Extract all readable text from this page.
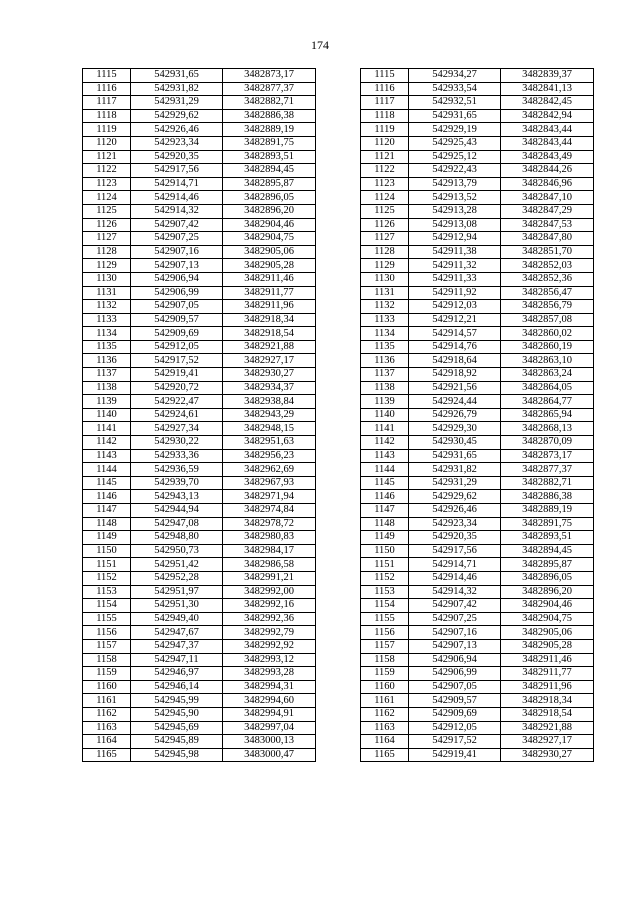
174
1115	542931,65	3482873,17		1115	542934,27	3482839,37
1116	542931,82	3482877,37		1116	542933,54	3482841,13
1117	542931,29	3482882,71		1117	542932,51	3482842,45
1118	542929,62	3482886,38		1118	542931,65	3482842,94
1119	542926,46	3482889,19		1119	542929,19	3482843,44
1120	542923,34	3482891,75		1120	542925,43	3482843,44
1121	542920,35	3482893,51		1121	542925,12	3482843,49
1122	542917,56	3482894,45		1122	542922,43	3482844,26
1123	542914,71	3482895,87		1123	542913,79	3482846,96
1124	542914,46	3482896,05		1124	542913,52	3482847,10
1125	542914,32	3482896,20		1125	542913,28	3482847,29
1126	542907,42	3482904,46		1126	542913,08	3482847,53
1127	542907,25	3482904,75		1127	542912,94	3482847,80
1128	542907,16	3482905,06		1128	542911,38	3482851,70
1129	542907,13	3482905,28		1129	542911,32	3482852,03
1130	542906,94	3482911,46		1130	542911,33	3482852,36
1131	542906,99	3482911,77		1131	542911,92	3482856,47
1132	542907,05	3482911,96		1132	542912,03	3482856,79
1133	542909,57	3482918,34		1133	542912,21	3482857,08
1134	542909,69	3482918,54		1134	542914,57	3482860,02
1135	542912,05	3482921,88		1135	542914,76	3482860,19
1136	542917,52	3482927,17		1136	542918,64	3482863,10
1137	542919,41	3482930,27		1137	542918,92	3482863,24
1138	542920,72	3482934,37		1138	542921,56	3482864,05
1139	542922,47	3482938,84		1139	542924,44	3482864,77
1140	542924,61	3482943,29		1140	542926,79	3482865,94
1141	542927,34	3482948,15		1141	542929,30	3482868,13
1142	542930,22	3482951,63		1142	542930,45	3482870,09
1143	542933,36	3482956,23		1143	542931,65	3482873,17
1144	542936,59	3482962,69		1144	542931,82	3482877,37
1145	542939,70	3482967,93		1145	542931,29	3482882,71
1146	542943,13	3482971,94		1146	542929,62	3482886,38
1147	542944,94	3482974,84		1147	542926,46	3482889,19
1148	542947,08	3482978,72		1148	542923,34	3482891,75
1149	542948,80	3482980,83		1149	542920,35	3482893,51
1150	542950,73	3482984,17		1150	542917,56	3482894,45
1151	542951,42	3482986,58		1151	542914,71	3482895,87
1152	542952,28	3482991,21		1152	542914,46	3482896,05
1153	542951,97	3482992,00		1153	542914,32	3482896,20
1154	542951,30	3482992,16		1154	542907,42	3482904,46
1155	542949,40	3482992,36		1155	542907,25	3482904,75
1156	542947,67	3482992,79		1156	542907,16	3482905,06
1157	542947,37	3482992,92		1157	542907,13	3482905,28
1158	542947,11	3482993,12		1158	542906,94	3482911,46
1159	542946,97	3482993,28		1159	542906,99	3482911,77
1160	542946,14	3482994,31		1160	542907,05	3482911,96
1161	542945,99	3482994,60		1161	542909,57	3482918,34
1162	542945,90	3482994,91		1162	542909,69	3482918,54
1163	542945,69	3482997,04		1163	542912,05	3482921,88
1164	542945,89	3483000,13		1164	542917,52	3482927,17
1165	542945,98	3483000,47		1165	542919,41	3482930,27
